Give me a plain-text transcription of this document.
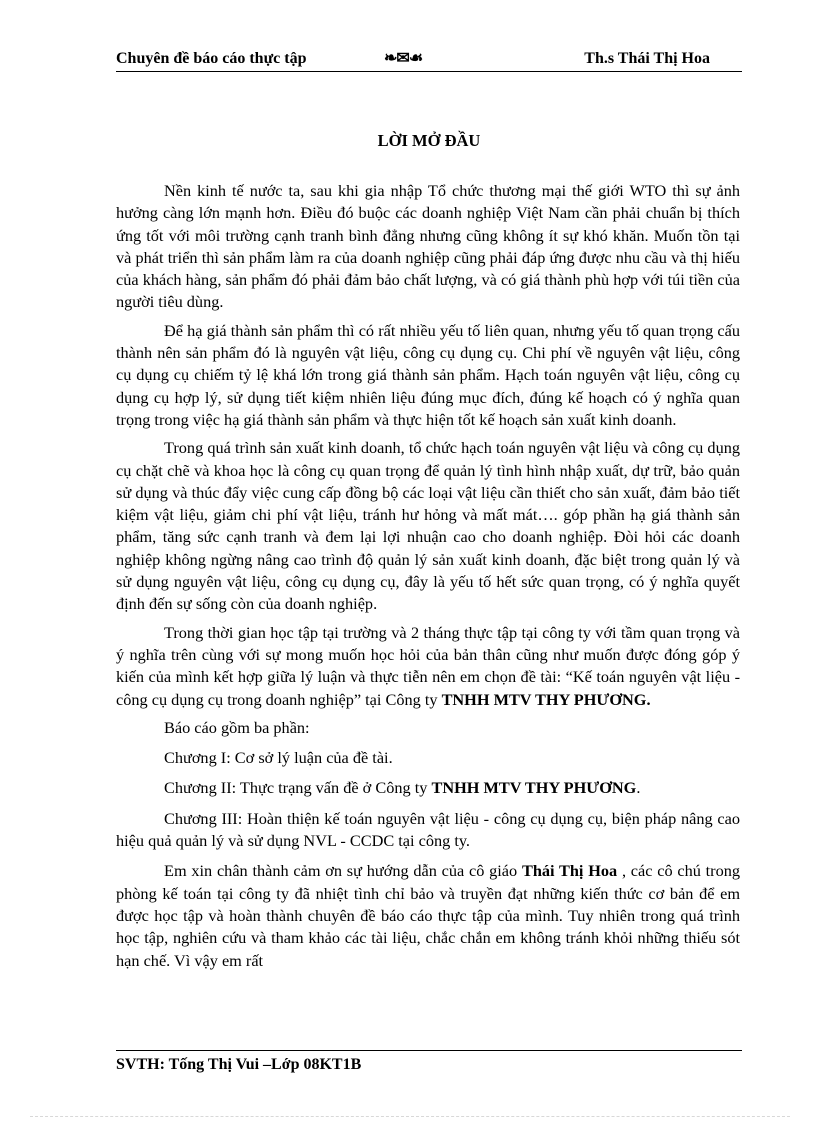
Chuyên đề báo cáo thực tập	❧✉☙	Th.s Thái Thị Hoa
LỜI MỞ ĐẦU

Nền kinh tế nước ta, sau khi gia nhập Tổ chức thương mại thế giới WTO thì sự ảnh hưởng càng lớn mạnh hơn. Điều đó buộc các doanh nghiệp Việt Nam cần phải chuẩn bị thích ứng tốt với môi trường cạnh tranh bình đẳng nhưng cũng không ít sự khó khăn. Muốn tồn tại và phát triển thì sản phẩm làm ra của doanh nghiệp cũng phải đáp ứng được nhu cầu và thị hiếu của khách hàng, sản phẩm đó phải đảm bảo chất lượng, và có giá thành phù hợp với túi tiền của người tiêu dùng.

Để hạ giá thành sản phẩm thì có rất nhiều yếu tố liên quan, nhưng yếu tố quan trọng cấu thành nên sản phẩm đó là nguyên vật liệu, công cụ dụng cụ. Chi phí về nguyên vật liệu, công cụ dụng cụ chiếm tỷ lệ khá lớn trong giá thành sản phẩm. Hạch toán nguyên vật liệu, công cụ dụng cụ hợp lý, sử dụng tiết kiệm nhiên liệu đúng mục đích, đúng kế hoạch có ý nghĩa quan trọng trong việc hạ giá thành sản phẩm và thực hiện tốt kế hoạch sản xuất kinh doanh.

Trong quá trình sản xuất kinh doanh, tổ chức hạch toán nguyên vật liệu và công cụ dụng cụ chặt chẽ và khoa học là công cụ quan trọng để quản lý tình hình nhập xuất, dự trữ, bảo quản sử dụng và thúc đẩy việc cung cấp đồng bộ các loại vật liệu cần thiết cho sản xuất, đảm bảo tiết kiệm vật liệu, giảm chi phí vật liệu, tránh hư hỏng và mất mát…. góp phần hạ giá thành sản phẩm, tăng sức cạnh tranh và đem lại lợi nhuận cao cho doanh nghiệp. Đòi hỏi các doanh nghiệp không ngừng nâng cao trình độ quản lý sản xuất kinh doanh, đặc biệt trong quản lý và sử dụng nguyên vật liệu, công cụ dụng cụ, đây là yếu tố hết sức quan trọng, có ý nghĩa quyết định đến sự sống còn của doanh nghiệp.

Trong thời gian học tập tại trường và 2 tháng thực tập tại công ty với tầm quan trọng và ý nghĩa trên cùng với sự mong muốn học hỏi của bản thân cũng như muốn được đóng góp ý kiến của mình kết hợp giữa lý luận và thực tiễn nên em chọn đề tài: “Kế toán nguyên vật liệu - công cụ dụng cụ trong doanh nghiệp” tại Công ty TNHH MTV THY PHƯƠNG.

Báo cáo gồm ba phần:

Chương I: Cơ sở lý luận của đề tài.

Chương II: Thực trạng vấn đề ở Công ty TNHH MTV THY PHƯƠNG.

Chương III: Hoàn thiện kế toán nguyên vật liệu - công cụ dụng cụ, biện pháp nâng cao hiệu quả quản lý và sử dụng NVL - CCDC tại công ty.

Em xin chân thành cảm ơn sự hướng dẫn của cô giáo Thái Thị Hoa , các cô chú trong phòng kế toán tại công ty đã nhiệt tình chỉ bảo và truyền đạt những kiến thức cơ bản để em được học tập và hoàn thành chuyên đề báo cáo thực tập của mình. Tuy nhiên trong quá trình học tập, nghiên cứu và tham khảo các tài liệu, chắc chắn em không tránh khỏi những thiếu sót hạn chế. Vì vậy em rất

SVTH: Tống Thị Vui –Lớp 08KT1B
